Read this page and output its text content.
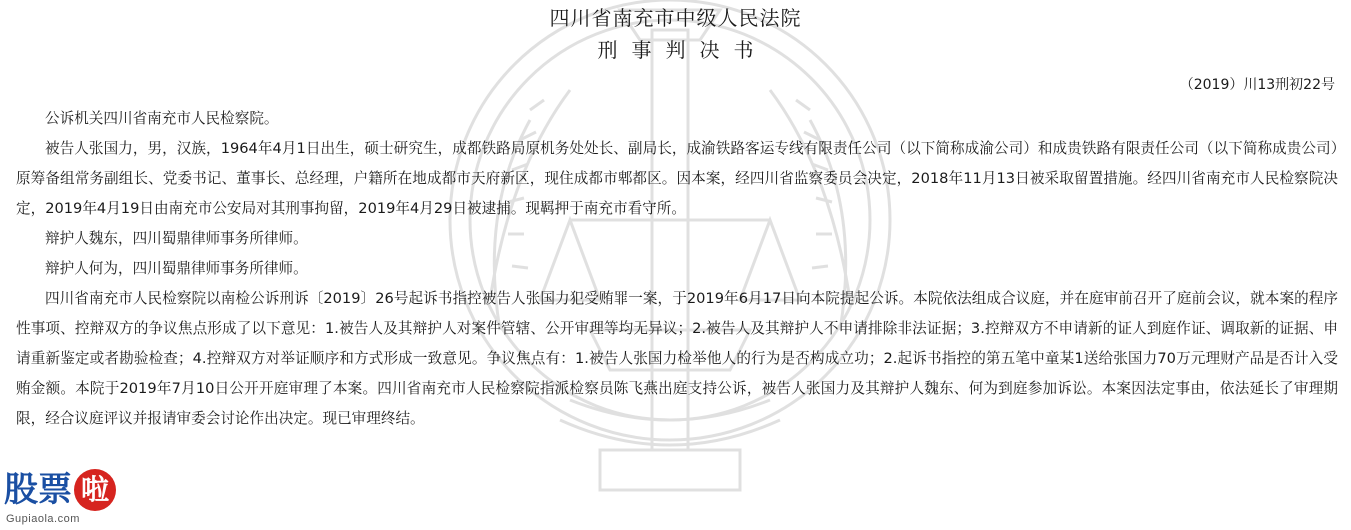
四川省南充市中级人民法院
刑事判决书
（2019）川13刑初22号

公诉机关四川省南充市人民检察院。

被告人张国力，男，汉族，1964年4月1日出生，硕士研究生，成都铁路局原机务处处长、副局长，成渝铁路客运专线有限责任公司（以下简称成渝公司）和成贵铁路有限责任公司（以下简称成贵公司）原筹备组常务副组长、党委书记、董事长、总经理，户籍所在地成都市天府新区，现住成都市郫都区。因本案，经四川省监察委员会决定，2018年11月13日被采取留置措施。经四川省南充市人民检察院决定，2019年4月19日由南充市公安局对其刑事拘留，2019年4月29日被逮捕。现羁押于南充市看守所。

辩护人魏东，四川蜀鼎律师事务所律师。

辩护人何为，四川蜀鼎律师事务所律师。

四川省南充市人民检察院以南检公诉刑诉〔2019〕26号起诉书指控被告人张国力犯受贿罪一案，于2019年6月17日向本院提起公诉。本院依法组成合议庭，并在庭审前召开了庭前会议，就本案的程序性事项、控辩双方的争议焦点形成了以下意见：1.被告人及其辩护人对案件管辖、公开审理等均无异议；2.被告人及其辩护人不申请排除非法证据；3.控辩双方不申请新的证人到庭作证、调取新的证据、申请重新鉴定或者勘验检查；4.控辩双方对举证顺序和方式形成一致意见。争议焦点有：1.被告人张国力检举他人的行为是否构成立功；2.起诉书指控的第五笔中童某1送给张国力70万元理财产品是否计入受贿金额。本院于2019年7月10日公开开庭审理了本案。四川省南充市人民检察院指派检察员陈飞燕出庭支持公诉，被告人张国力及其辩护人魏东、何为到庭参加诉讼。本案因法定事由，依法延长了审理期限，经合议庭评议并报请审委会讨论作出决定。现已审理终结。

股 票 啦
Gupiaola.com
